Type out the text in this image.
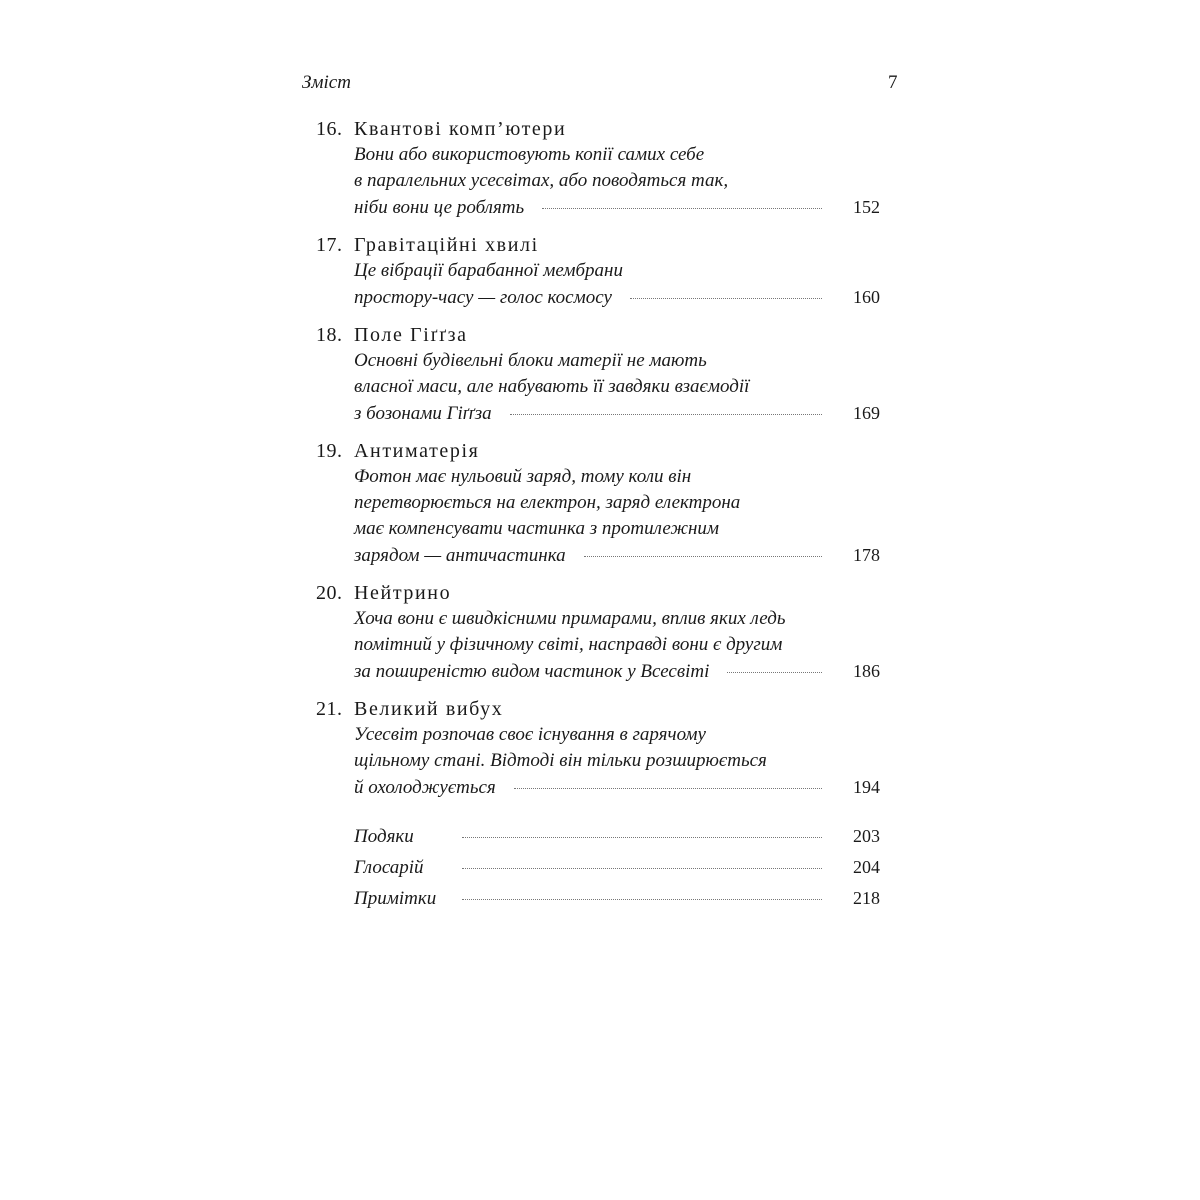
Зміст	7
16. Квантові комп’ютери
Вони або використовують копії самих себе
в паралельних усесвітах, або поводяться так,
ніби вони це роблять	152
17. Гравітаційні хвилі
Це вібрації барабанної мембрани
простору-часу — голос космосу	160
18. Поле Гіґґза
Основні будівельні блоки матерії не мають
власної маси, але набувають її завдяки взаємодії
з бозонами Гіґґза	169
19. Антиматерія
Фотон має нульовий заряд, тому коли він
перетворюється на електрон, заряд електрона
має компенсувати частинка з протилежним
зарядом — античастинка	178
20. Нейтрино
Хоча вони є швидкісними примарами, вплив яких ледь
помітний у фізичному світі, насправді вони є другим
за поширеністю видом частинок у Всесвіті	186
21. Великий вибух
Усесвіт розпочав своє існування в гарячому
щільному стані. Відтоді він тільки розширюється
й охолоджується	194
Подяки	203
Глосарій	204
Примітки	218
